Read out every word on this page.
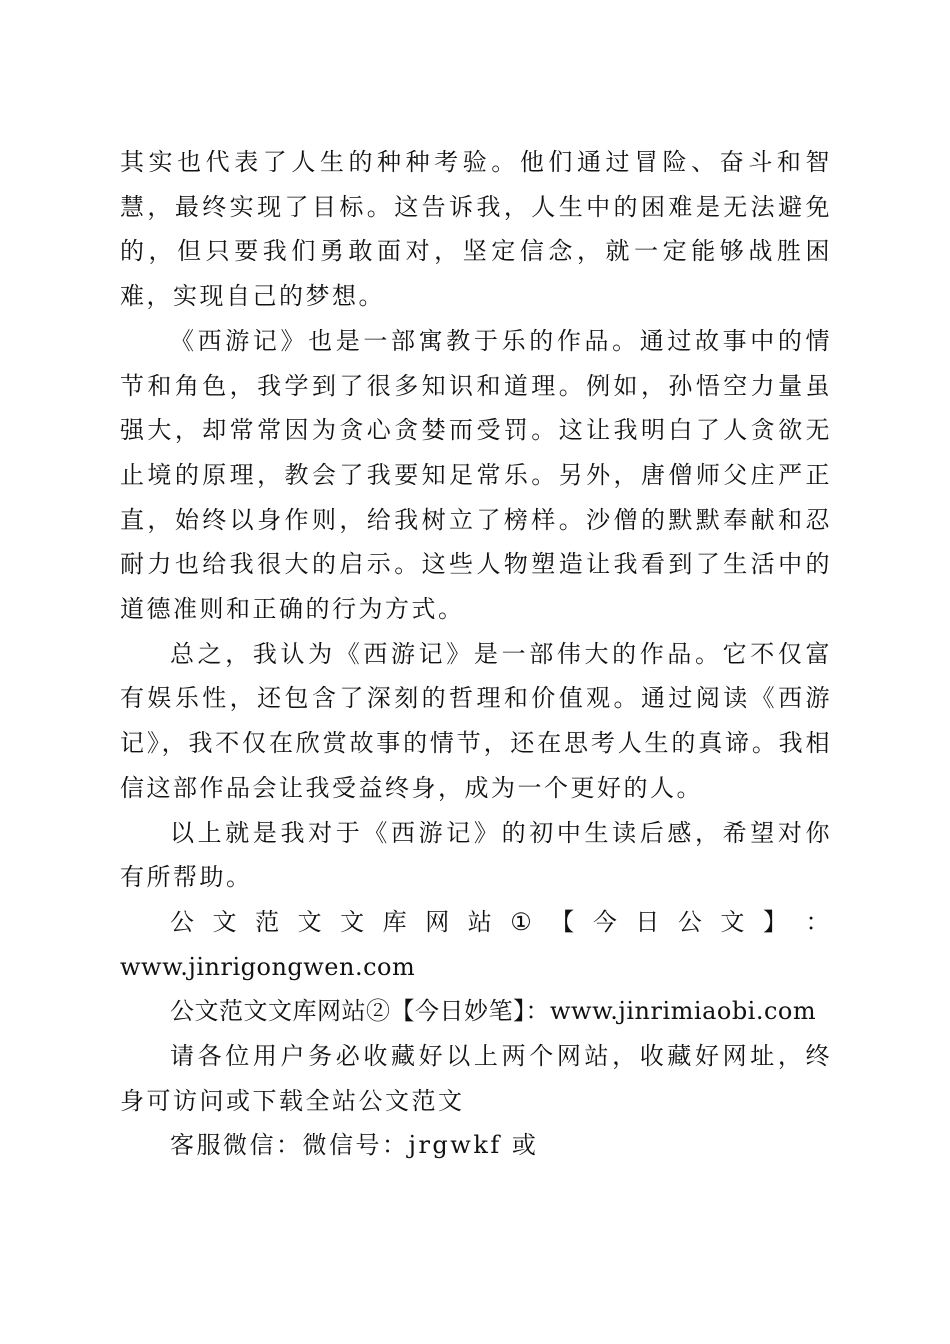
其实也代表了人生的种种考验。他们通过冒险、奋斗和智慧，最终实现了目标。这告诉我，人生中的困难是无法避免的，但只要我们勇敢面对，坚定信念，就一定能够战胜困难，实现自己的梦想。

《西游记》也是一部寓教于乐的作品。通过故事中的情节和角色，我学到了很多知识和道理。例如，孙悟空力量虽强大，却常常因为贪心贪婪而受罚。这让我明白了人贪欲无止境的原理，教会了我要知足常乐。另外，唐僧师父庄严正直，始终以身作则，给我树立了榜样。沙僧的默默奉献和忍耐力也给我很大的启示。这些人物塑造让我看到了生活中的道德准则和正确的行为方式。

总之，我认为《西游记》是一部伟大的作品。它不仅富有娱乐性，还包含了深刻的哲理和价值观。通过阅读《西游记》，我不仅在欣赏故事的情节，还在思考人生的真谛。我相信这部作品会让我受益终身，成为一个更好的人。

以上就是我对于《西游记》的初中生读后感，希望对你有所帮助。

公 文 范 文 文 库 网 站 ① 【 今 日 公 文 】 ：
www.jinrigongwen.com

公文范文文库网站②【今日妙笔】：www.jinrimiaobi.com

请各位用户务必收藏好以上两个网站，收藏好网址，终身可访问或下载全站公文范文

客服微信：微信号：jrgwkf 或
